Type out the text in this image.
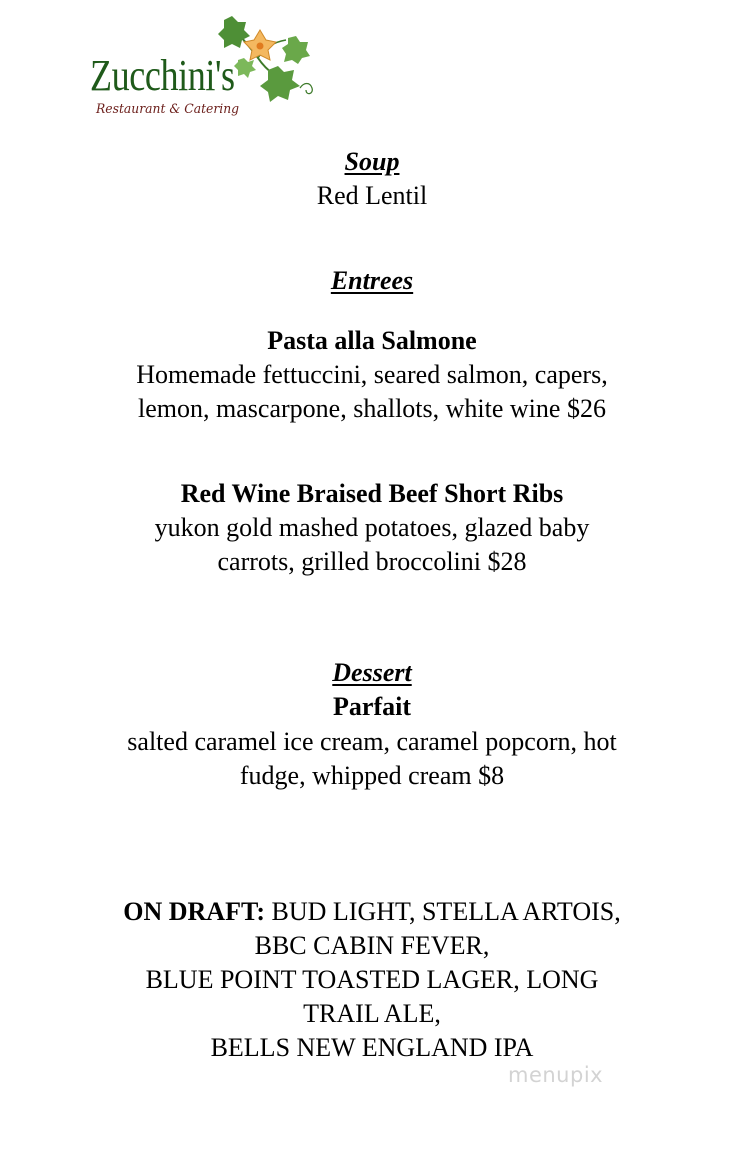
Zucchini's
Restaurant & Catering
Soup
Red Lentil
Entrees
Pasta alla Salmone
Homemade fettuccini, seared salmon, capers,
lemon, mascarpone, shallots, white wine $26
Red Wine Braised Beef Short Ribs
yukon gold mashed potatoes, glazed baby
carrots, grilled broccolini $28
Dessert
Parfait
salted caramel ice cream, caramel popcorn, hot
fudge, whipped cream $8
ON DRAFT: BUD LIGHT, STELLA ARTOIS,
BBC CABIN FEVER,
BLUE POINT TOASTED LAGER, LONG
TRAIL ALE,
BELLS NEW ENGLAND IPA
menupix
